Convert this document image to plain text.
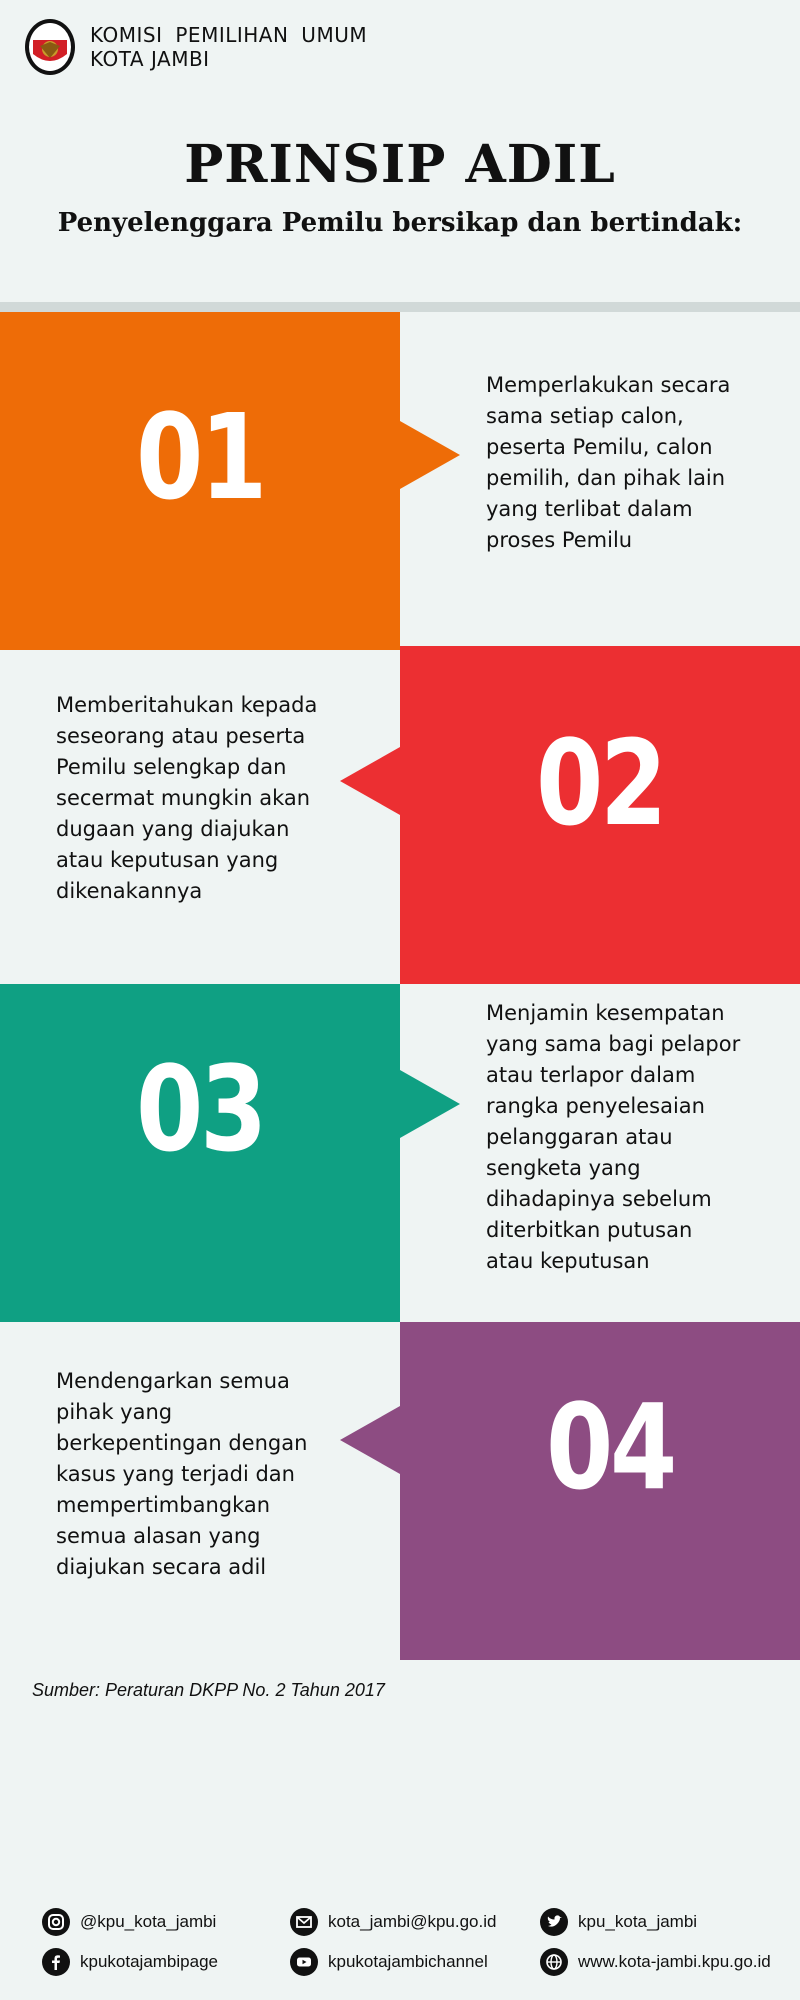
KOMISI PEMILIHAN UMUM
KOTA JAMBI
PRINSIP ADIL
Penyelenggara Pemilu bersikap dan bertindak:
01
Memperlakukan secara sama setiap calon, peserta Pemilu, calon pemilih, dan pihak lain yang terlibat dalam proses Pemilu
02
Memberitahukan kepada seseorang atau peserta Pemilu selengkap dan secermat mungkin akan dugaan yang diajukan atau keputusan yang dikenakannya
03
Menjamin kesempatan yang sama bagi pelapor atau terlapor dalam rangka penyelesaian pelanggaran atau sengketa yang dihadapinya sebelum diterbitkan putusan atau keputusan
04
Mendengarkan semua pihak yang berkepentingan dengan kasus yang terjadi dan mempertimbangkan semua alasan yang diajukan secara adil
Sumber: Peraturan DKPP No. 2 Tahun 2017
@kpu_kota_jambi	kota_jambi@kpu.go.id	kpu_kota_jambi
kpukotajambipage	kpukotajambichannel	www.kota-jambi.kpu.go.id
